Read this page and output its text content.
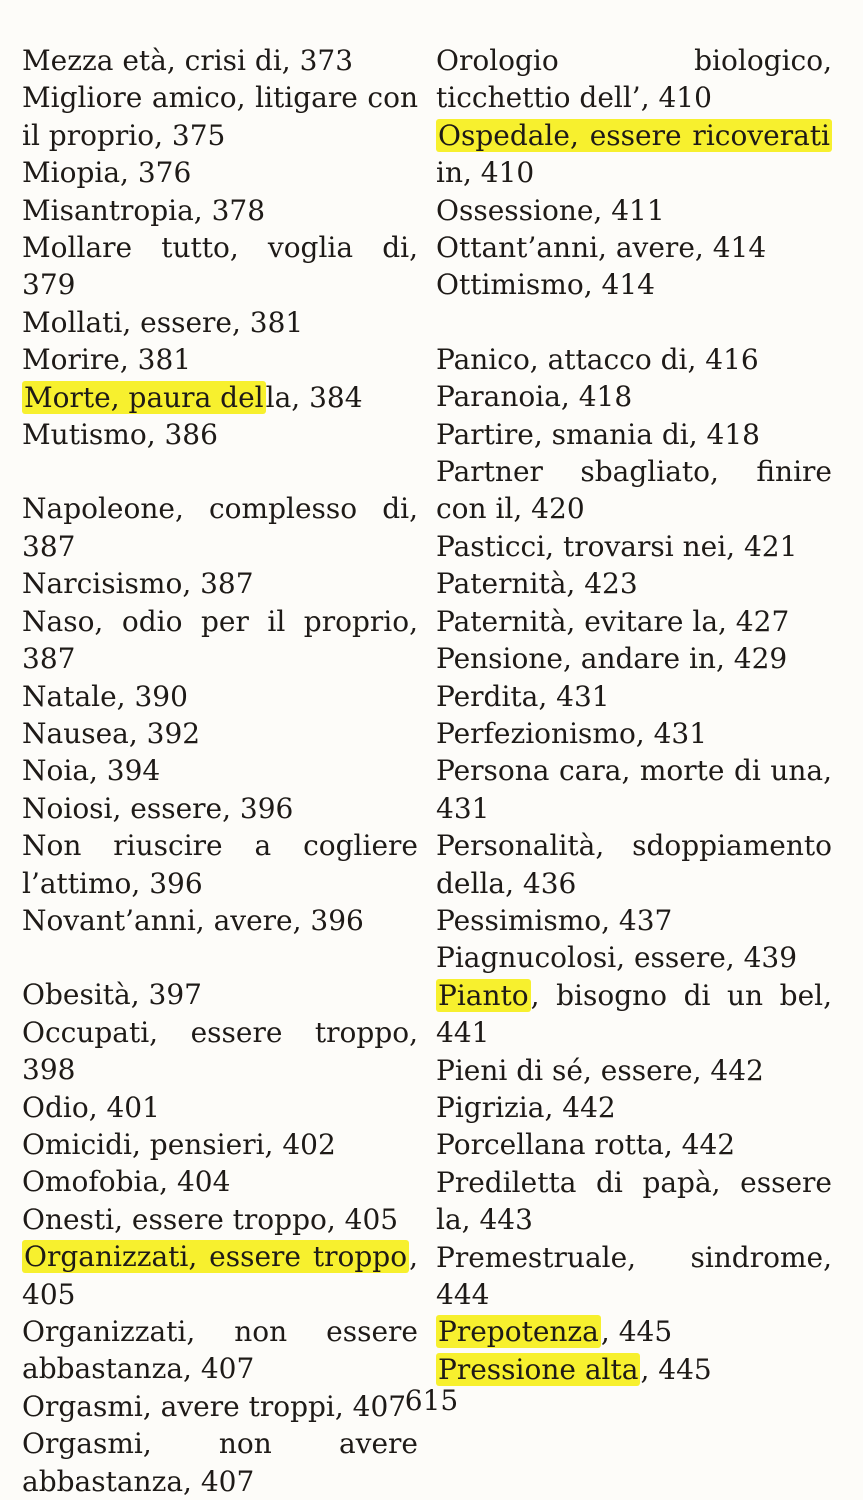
Mezza età, crisi di, 373

Migliore amico, litigare con il proprio, 375

Miopia, 376

Misantropia, 378

Mollare tutto, voglia di, 379

Mollati, essere, 381

Morire, 381

Morte, paura della, 384

Mutismo, 386

Napoleone, complesso di, 387

Narcisismo, 387

Naso, odio per il proprio, 387

Natale, 390

Nausea, 392

Noia, 394

Noiosi, essere, 396

Non riuscire a cogliere l’attimo, 396

Novant’anni, avere, 396

Obesità, 397

Occupati, essere troppo, 398

Odio, 401

Omicidi, pensieri, 402

Omofobia, 404

Onesti, essere troppo, 405

Organizzati, essere troppo, 405

Organizzati, non essere abbastanza, 407

Orgasmi, avere troppi, 407

Orgasmi, non avere abbastanza, 407

Orologio biologico, ticchettio dell’, 410

Ospedale, essere ricoverati in, 410

Ossessione, 411

Ottant’anni, avere, 414

Ottimismo, 414

Panico, attacco di, 416

Paranoia, 418

Partire, smania di, 418

Partner sbagliato, finire con il, 420

Pasticci, trovarsi nei, 421

Paternità, 423

Paternità, evitare la, 427

Pensione, andare in, 429

Perdita, 431

Perfezionismo, 431

Persona cara, morte di una, 431

Personalità, sdoppiamento della, 436

Pessimismo, 437

Piagnucolosi, essere, 439

Pianto, bisogno di un bel, 441

Pieni di sé, essere, 442

Pigrizia, 442

Porcellana rotta, 442

Prediletta di papà, essere la, 443

Premestruale, sindrome, 444

Prepotenza, 445

Pressione alta, 445

615
